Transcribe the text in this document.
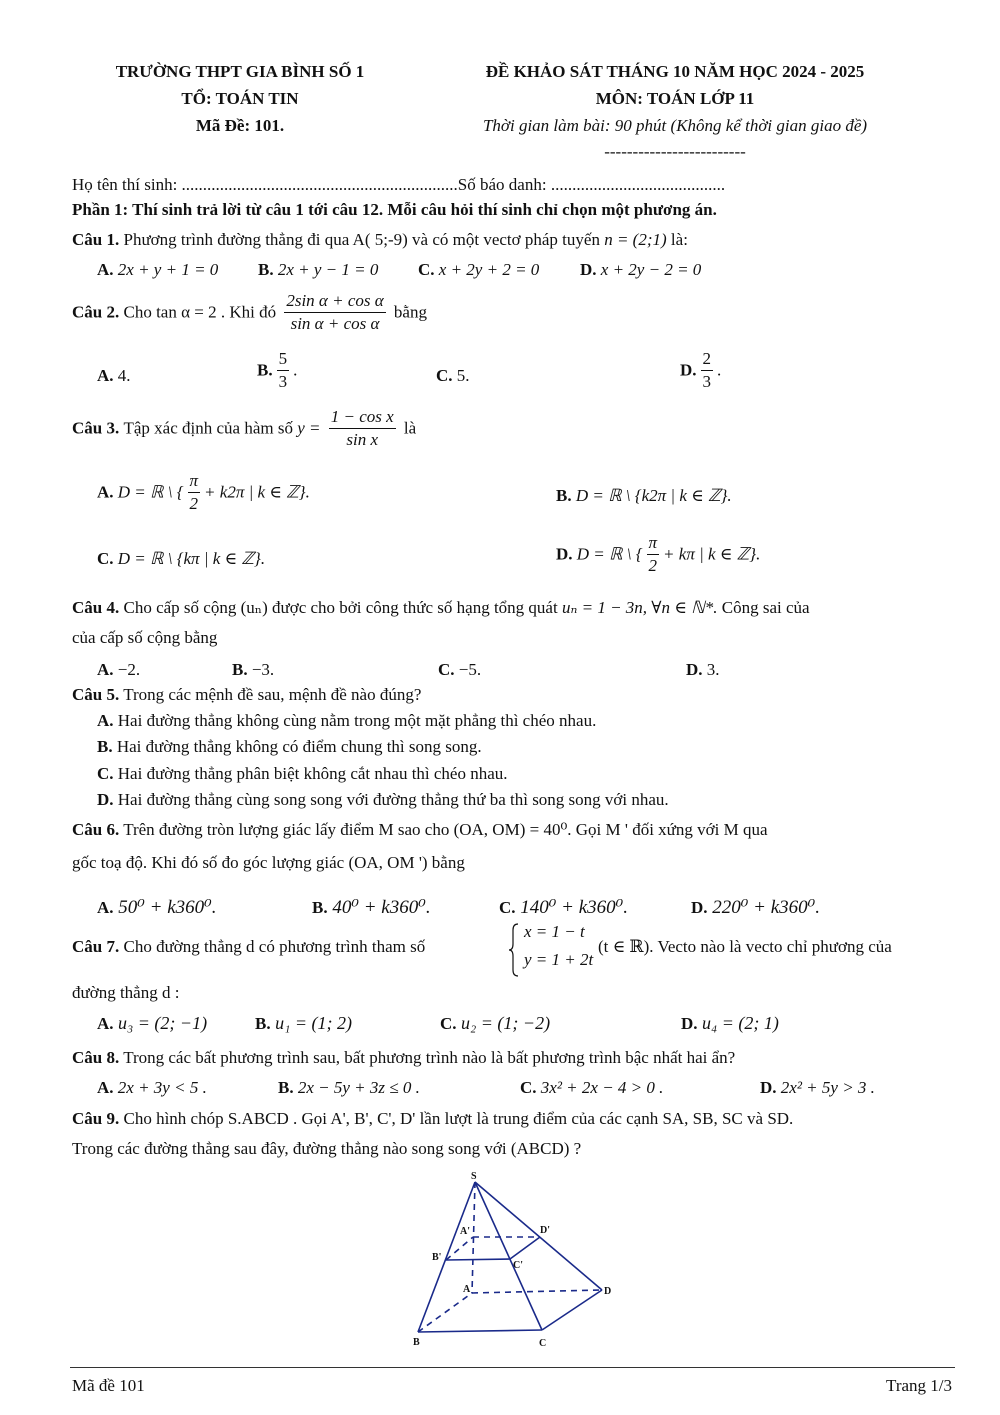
TRƯỜNG THPT GIA BÌNH SỐ 1
TỔ: TOÁN TIN
Mã Đề: 101.
ĐỀ KHẢO SÁT THÁNG 10 NĂM HỌC 2024 - 2025
MÔN: TOÁN LỚP 11
Thời gian làm bài: 90 phút (Không kể thời gian giao đề)
-------------------------
Họ tên thí sinh: .................................................................Số báo danh: .........................................
Phần 1: Thí sinh trả lời từ câu 1 tới câu 12. Mỗi câu hỏi thí sinh chỉ chọn một phương án.
Câu 1. Phương trình đường thẳng đi qua A( 5;-9) và có một vectơ pháp tuyến n = (2;1) là:
A. 2x + y + 1 = 0 B. 2x + y − 1 = 0 C. x + 2y + 2 = 0 D. x + 2y − 2 = 0
Câu 2. Cho tan α = 2 . Khi đó $\frac{\text{2sin α + cos α}}{\text{sin α + cos α}}$ bằng
A. 4.	B. $\frac{5}{3}$ .	C. 5.	D. $\frac{2}{3}$ .
Câu 3. Tập xác định của hàm số $y = \frac{\text{1 − cos x}}{\text{sin x}}$ là
A. D = ℝ \ { $\frac{\pi}{2} + k2\pi$ | k ∈ ℤ}.	B. D = ℝ \ {k2π | k ∈ ℤ}.
C. D = ℝ \ {kπ | k ∈ ℤ}.	D. D = ℝ \ { $\frac{\pi}{2} + k\pi$ | k ∈ ℤ}.
Câu 4. Cho cấp số cộng (uₙ) được cho bởi công thức số hạng tổng quát uₙ = 1 − 3n, ∀n ∈ ℕ*. Công sai của
của cấp số cộng bằng
A. −2.	B. −3.	C. −5.	D. 3.
Câu 5. Trong các mệnh đề sau, mệnh đề nào đúng?
A. Hai đường thẳng không cùng nằm trong một mặt phẳng thì chéo nhau.
B. Hai đường thẳng không có điểm chung thì song song.
C. Hai đường thẳng phân biệt không cắt nhau thì chéo nhau.
D. Hai đường thẳng cùng song song với đường thẳng thứ ba thì song song với nhau.
Câu 6. Trên đường tròn lượng giác lấy điểm M sao cho (OA, OM) = 40⁰. Gọi M ' đối xứng với M qua
gốc toạ độ. Khi đó số đo góc lượng giác (OA, OM ') bằng
A. 50⁰ + k360⁰.	B. 40⁰ + k360⁰.	C. 140⁰ + k360⁰.	D. 220⁰ + k360⁰.
Câu 7. Cho đường thẳng d có phương trình tham số
x = 1 − t
y = 1 + 2t
(t ∈ ℝ). Vecto nào là vecto chỉ phương của
đường thẳng d :
A. u₃ = (2; −1)	B. u₁ = (1; 2)	C. u₂ = (1; −2)	D. u₄ = (2; 1)
Câu 8. Trong các bất phương trình sau, bất phương trình nào là bất phương trình bậc nhất hai ẩn?
A. 2x + 3y < 5 .	B. 2x − 5y + 3z ≤ 0 .	C. 3x² + 2x − 4 > 0 .	D. 2x² + 5y > 3 .
Câu 9. Cho hình chóp S.ABCD . Gọi A', B', C', D' lần lượt là trung điểm của các cạnh SA, SB, SC và SD.
Trong các đường thẳng sau đây, đường thẳng nào song song với (ABCD) ?
S
A'
B'
C'
D'
A
B	C
D
Mã đề 101	Trang 1/3
